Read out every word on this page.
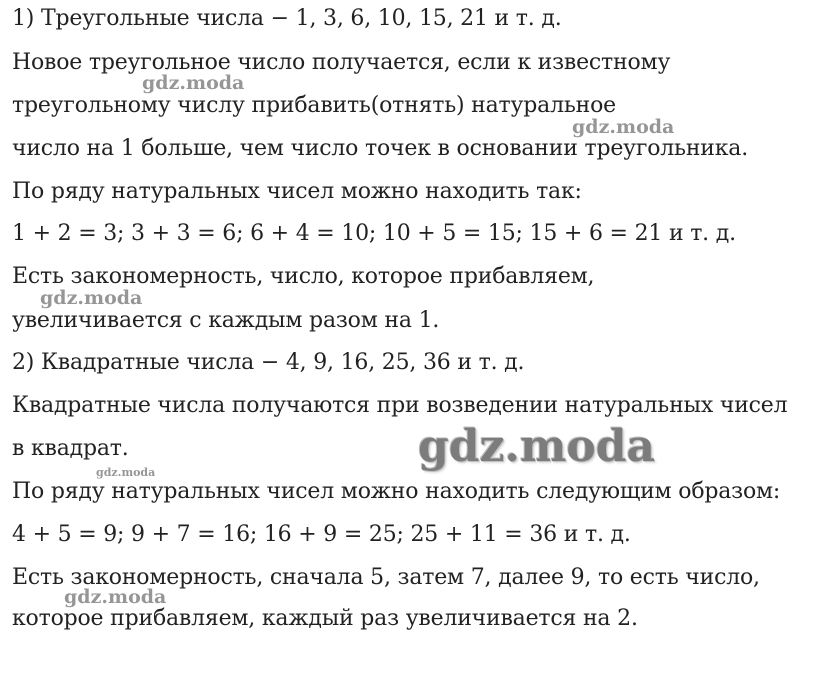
1) Треугольные числа − 1, 3, 6, 10, 15, 21 и т. д.
Новое треугольное число получается, если к известному
треугольному числу прибавить(отнять) натуральное
число на 1 больше, чем число точек в основании треугольника.
По ряду натуральных чисел можно находить так:
1 + 2 = 3; 3 + 3 = 6; 6 + 4 = 10; 10 + 5 = 15; 15 + 6 = 21 и т. д.
Есть закономерность, число, которое прибавляем,
увеличивается с каждым разом на 1.
2) Квадратные числа − 4, 9, 16, 25, 36 и т. д.
Квадратные числа получаются при возведении натуральных чисел
в квадрат.
По ряду натуральных чисел можно находить следующим образом:
4 + 5 = 9; 9 + 7 = 16; 16 + 9 = 25; 25 + 11 = 36 и т. д.
Есть закономерность, сначала 5, затем 7, далее 9, то есть число,
которое прибавляем, каждый раз увеличивается на 2.
gdz.moda
gdz.moda
gdz.moda
gdz.moda
gdz.moda
gdz.moda
